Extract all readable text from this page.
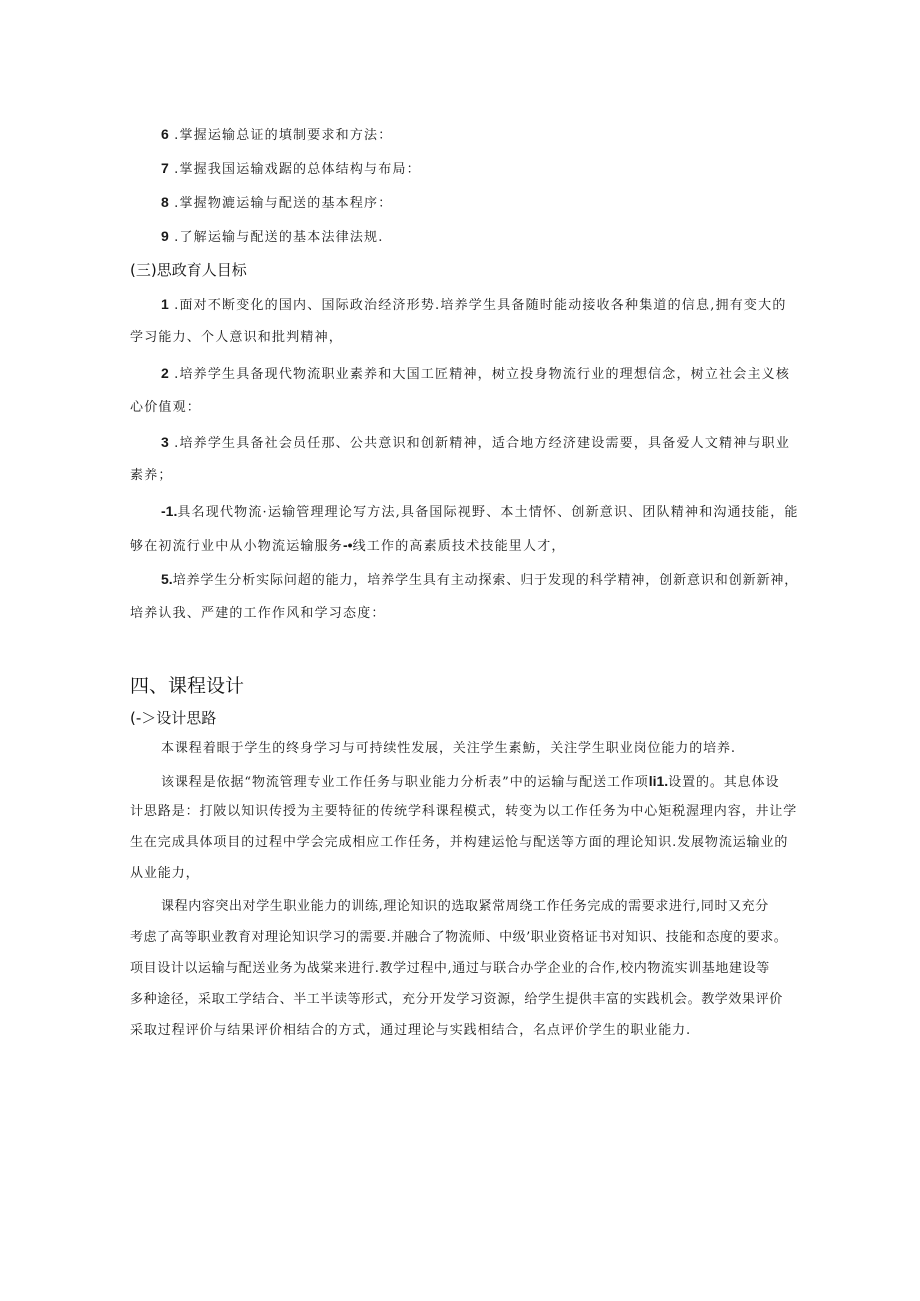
6 .掌握运输总证的填制要求和方法：
7 .掌握我国运输戏踞的总体结构与布局：
8 .掌握物漉运输与配送的基本程序：
9 .了解运输与配送的基本法律法规.
(三)思政育人目标
1 .面对不断变化的国内、国际政治经济形势.培养学生具备随时能动接收各种集道的信息,拥有变大的
学习能力、个人意识和批判精神，
2 .培养学生具备现代物流职业素养和大国工匠精神，树立投身物流行业的理想信念，树立社会主义核
心价值观：
3 .培养学生具备社会员任那、公共意识和创新精神，适合地方经济建设需要，具备爱人文精神与职业
素养；
-1.具名现代物流·运输管理理论写方法,具备国际视野、本土情怀、创新意识、团队精神和沟通技能，能
够在初流行业中从小物流运输服务-•线工作的高素质技术技能里人才，
5.培养学生分析实际问超的能力，培养学生具有主动探索、归于发现的科学精神，创新意识和创新新神，
培养认我、严建的工作作风和学习态度：
四、课程设计
(-＞设计思路
本课程着眼于学生的终身学习与可持续性发展，关注学生素魴，关注学生职业岗位能力的培养.
该课程是依据“物流管理专业工作任务与职业能力分析表”中的运输与配送工作项li1.设置的。其息体设
计思路是：打陂以知识传授为主要特征的传统学科课程模式，转变为以工作任务为中心矩税渥理内容，井让学
生在完成具体项目的过程中学会完成相应工作任务，并构建运怆与配送等方面的理论知识.发展物流运输业的
从业能力，
课程内容突出对学生职业能力的训练,理论知识的选取紧常周绕工作任务完成的需要求进行,同时又充分
考虑了高等职业教育对理论知识学习的需要.并融合了物流师、中级’职业资格证书对知识、技能和态度的要求。
项目设计以运输与配送业务为战棠来进行.教学过程中,通过与联合办学企业的合作,校内物流实训基地建设等
多种途径，采取工学结合、半工半读等形式，充分开发学习资源，给学生提供丰富的实践机会。教学效果评价
采取过程评价与结果评价相结合的方式，通过理论与实践相结合，名点评价学生的职业能力.
